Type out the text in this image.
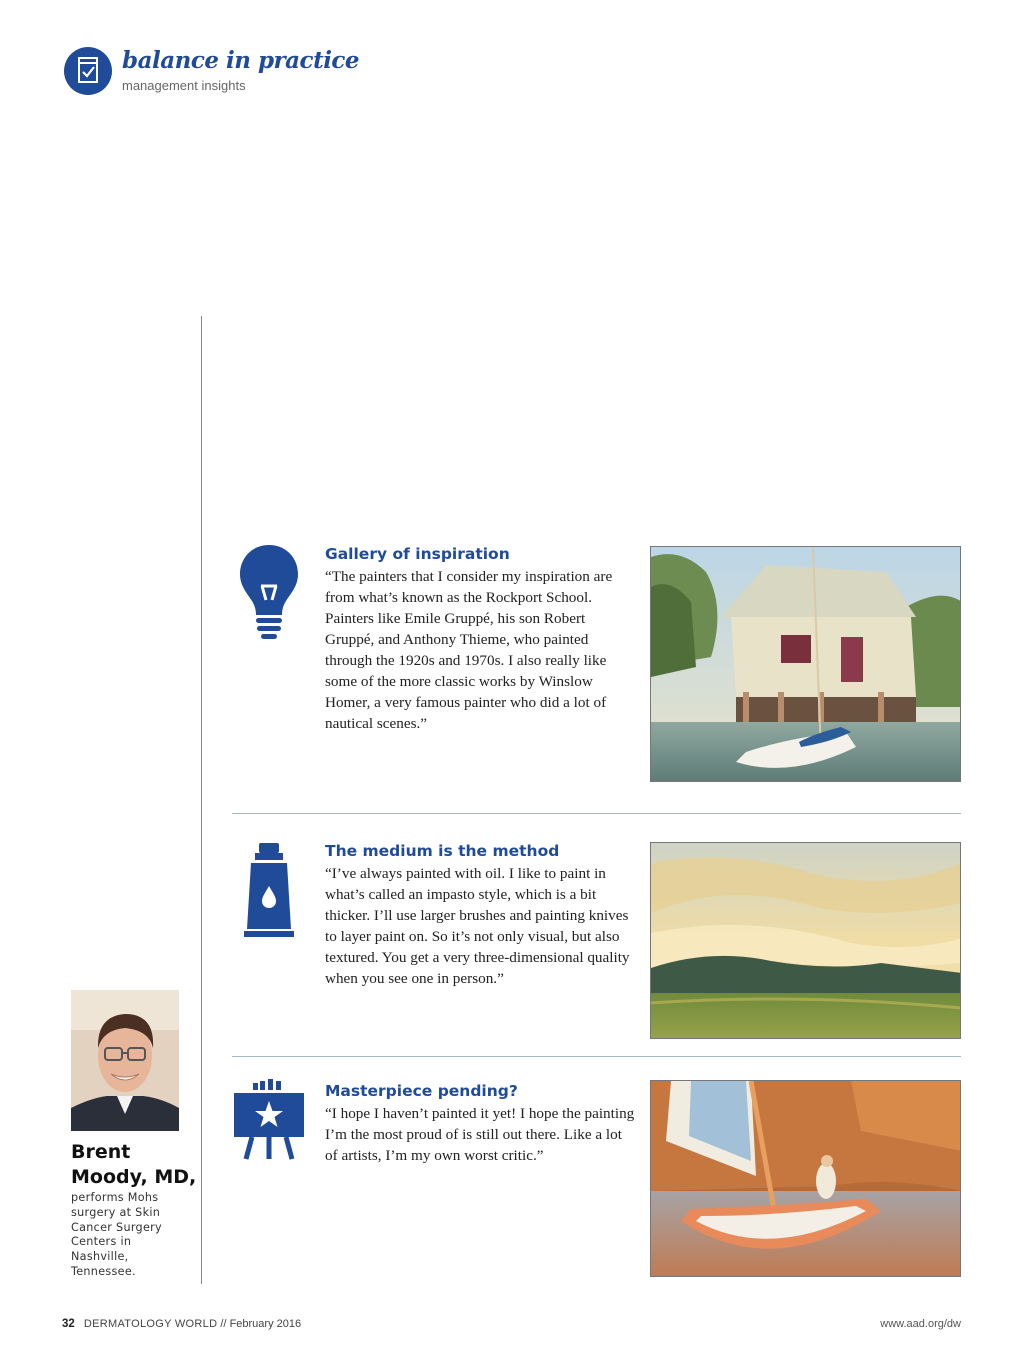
balance in practice
management insights
Gallery of inspiration
“The painters that I consider my inspiration are from what’s known as the Rockport School. Painters like Emile Gruppé, his son Robert Gruppé, and Anthony Thieme, who painted through the 1920s and 1970s. I also really like some of the more classic works by Winslow Homer, a very famous painter who did a lot of nautical scenes.”
The medium is the method
“I’ve always painted with oil. I like to paint in what’s called an impasto style, which is a bit thicker. I’ll use larger brushes and painting knives to layer paint on. So it’s not only visual, but also textured. You get a very three-dimensional quality when you see one in person.”
Masterpiece pending?
“I hope I haven’t painted it yet! I hope the painting I’m the most proud of is still out there. Like a lot of artists, I’m my own worst critic.”
Brent Moody, MD,
performs Mohs surgery at Skin Cancer Surgery Centers in Nashville, Tennessee.
32 DERMATOLOGY WORLD // February 2016	www.aad.org/dw
